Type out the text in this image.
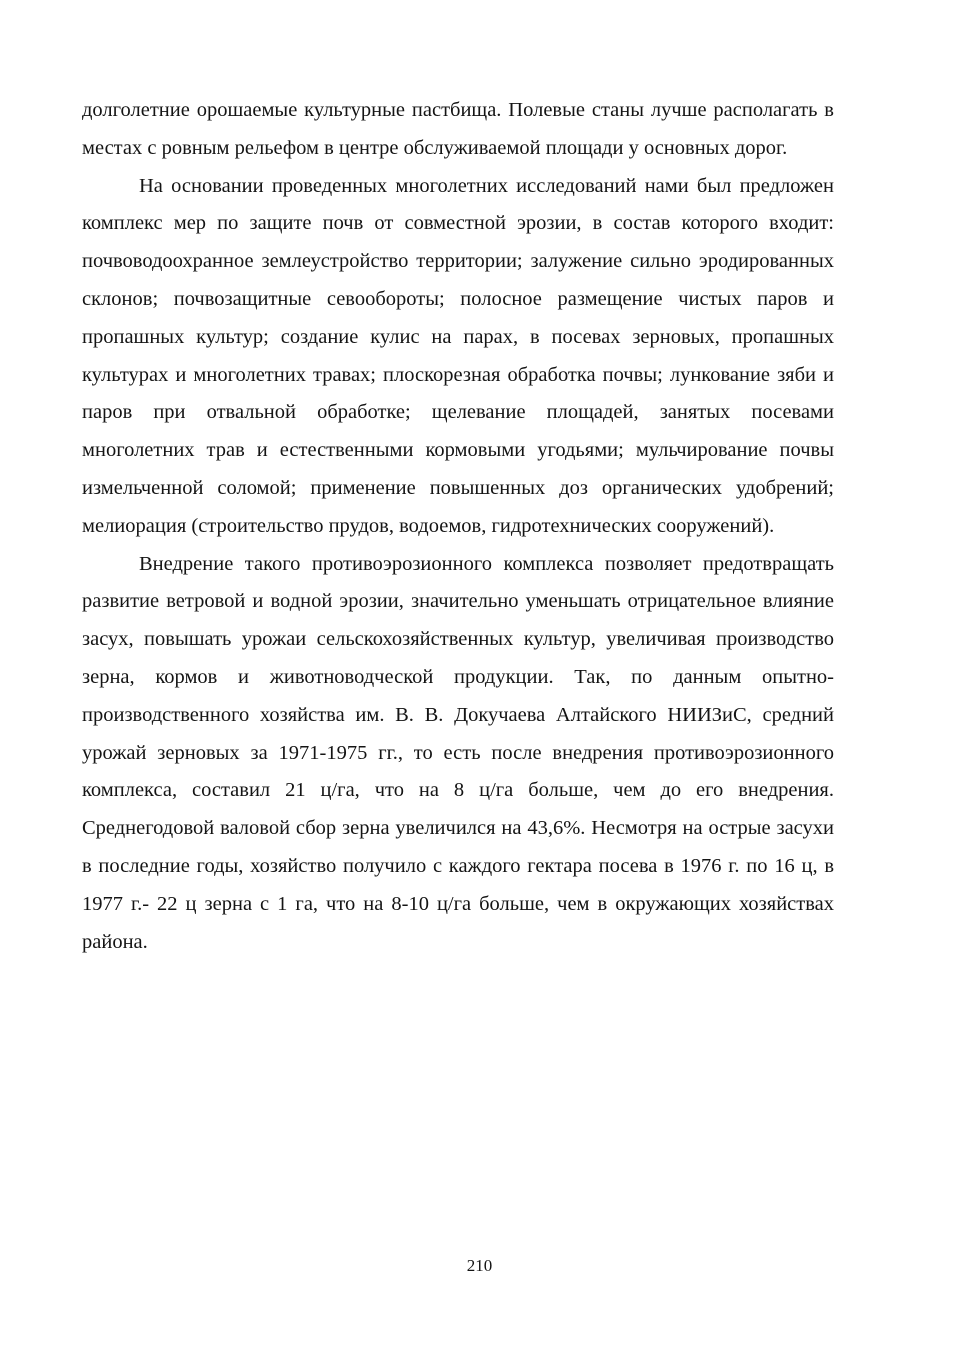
долголетние орошаемые культурные пастбища. Полевые станы лучше располагать в местах с ровным рельефом в центре обслуживаемой площади у основных дорог.

На основании проведенных многолетних исследований нами был предложен комплекс мер по защите почв от совместной эрозии, в состав которого входит: почвоводоохранное землеустройство территории; залужение сильно эродированных склонов; почвозащитные севообороты; полосное размещение чистых паров и пропашных культур; создание кулис на парах, в посевах зерновых, пропашных культурах и многолетних травах; плоскорезная обработка почвы; лункование зяби и паров при отвальной обработке; щелевание площадей, занятых посевами многолетних трав и естественными кормовыми угодьями; мульчирование почвы измельченной соломой; применение повышенных доз органических удобрений; мелиорация (строительство прудов, водоемов, гидротехнических сооружений).

Внедрение такого противоэрозионного комплекса позволяет предотвращать развитие ветровой и водной эрозии, значительно уменьшать отрицательное влияние засух, повышать урожаи сельскохозяйственных культур, увеличивая производство зерна, кормов и животноводческой продукции. Так, по данным опытно-производственного хозяйства им. В. В. Докучаева Алтайского НИИЗиС, средний урожай зерновых за 1971-1975 гг., то есть после внедрения противоэрозионного комплекса, составил 21 ц/га, что на 8 ц/га больше, чем до его внедрения. Среднегодовой валовой сбор зерна увеличился на 43,6%. Несмотря на острые засухи в последние годы, хозяйство получило с каждого гектара посева в 1976 г. по 16 ц, в 1977 г.- 22 ц зерна с 1 га, что на 8-10 ц/га больше, чем в окружающих хозяйствах района.

210
